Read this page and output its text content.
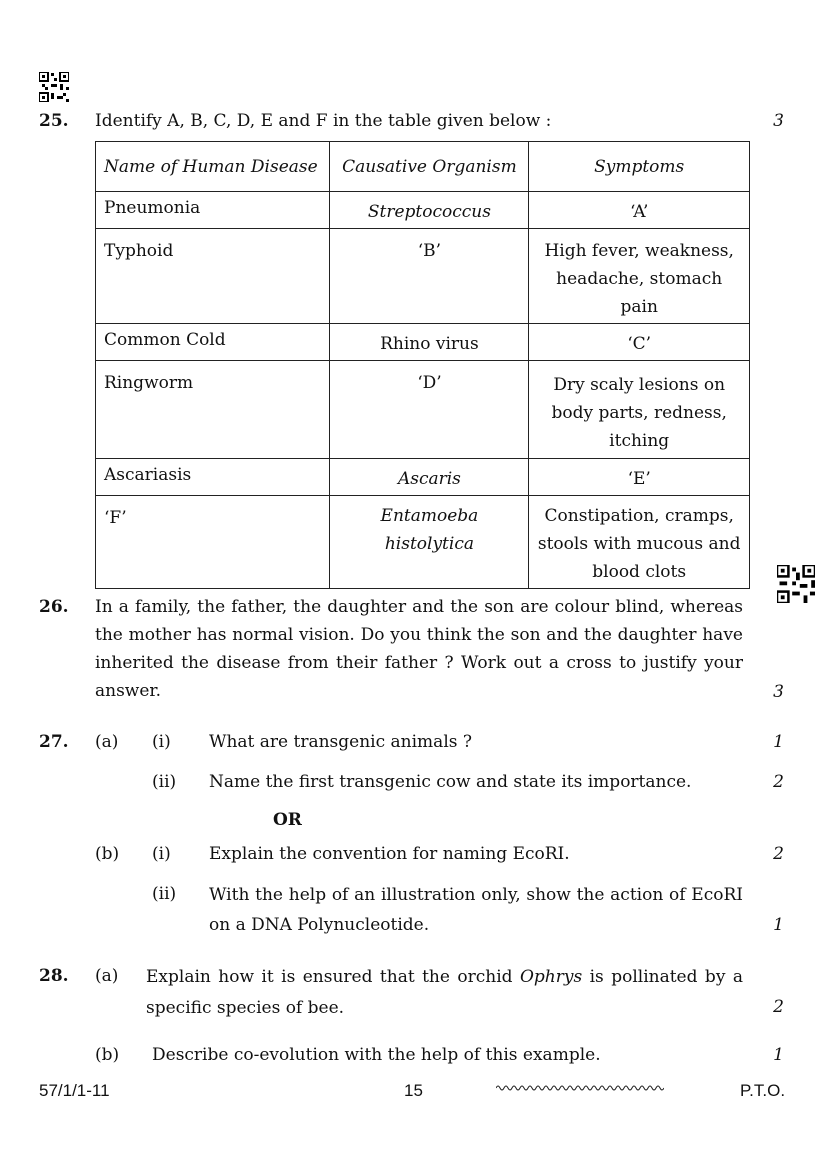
25. Identify A, B, C, D, E and F in the table given below :	3
Name of Human Disease	Causative Organism	Symptoms
Pneumonia	Streptococcus	‘A’
Typhoid	‘B’	High fever, weakness, headache, stomach pain
Common Cold	Rhino virus	‘C’
Ringworm	‘D’	Dry scaly lesions on body parts, redness, itching
Ascariasis	Ascaris	‘E’
‘F’	Entamoeba histolytica	Constipation, cramps, stools with mucous and blood clots
26. In a family, the father, the daughter and the son are colour blind, whereas the mother has normal vision. Do you think the son and the daughter have inherited the disease from their father ? Work out a cross to justify your answer.	3
27. (a) (i) What are transgenic animals ?	1
(ii) Name the first transgenic cow and state its importance.	2
OR
(b) (i) Explain the convention for naming EcoRI.	2
(ii) With the help of an illustration only, show the action of EcoRI on a DNA Polynucleotide.	1
28. (a) Explain how it is ensured that the orchid Ophrys is pollinated by a specific species of bee.	2
(b) Describe co-evolution with the help of this example.	1
57/1/1-11	15	P.T.O.
